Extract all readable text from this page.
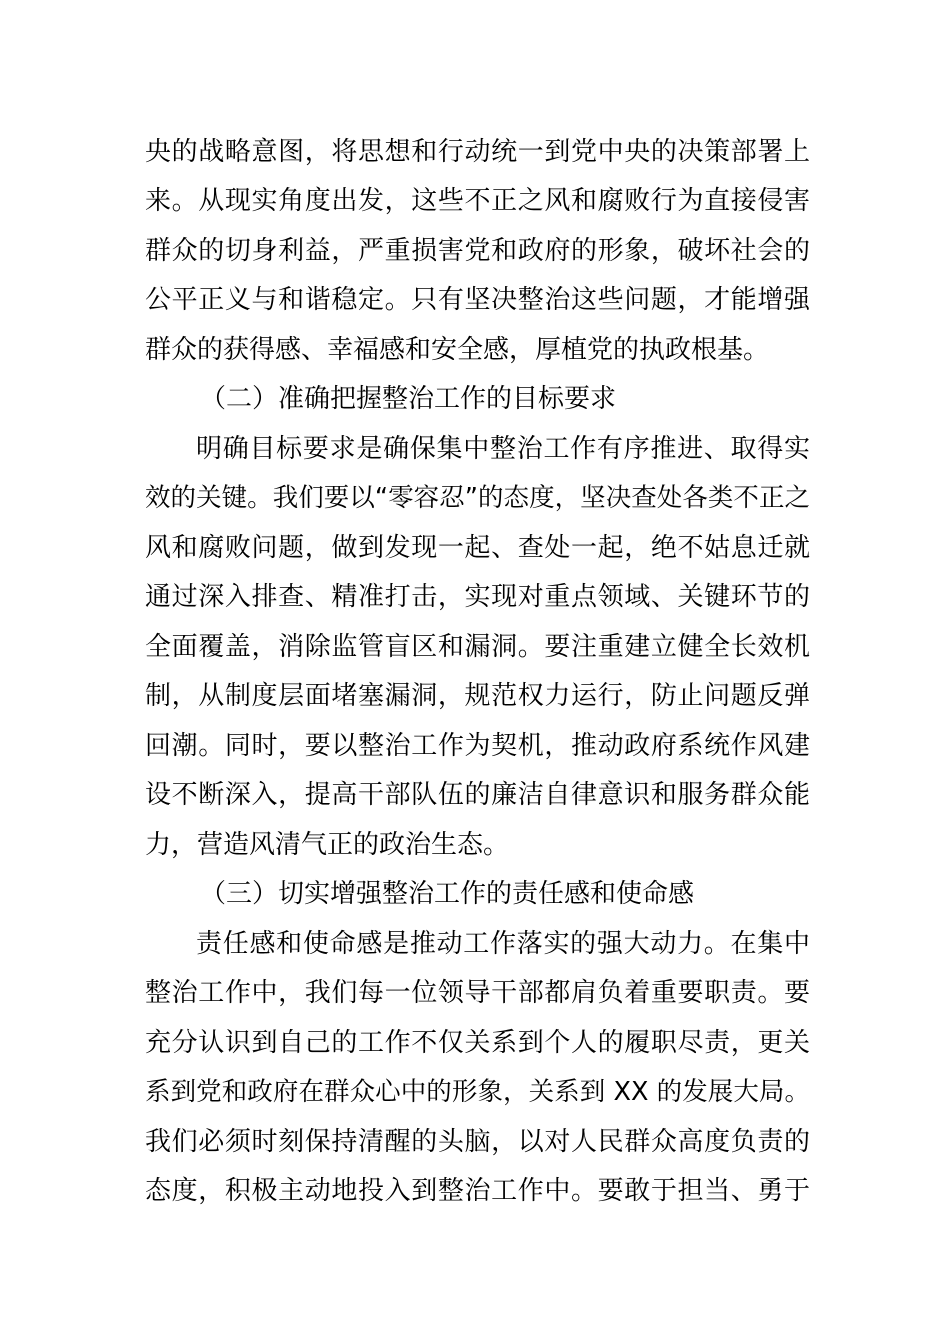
央的战略意图，将思想和行动统一到党中央的决策部署上
来。从现实角度出发，这些不正之风和腐败行为直接侵害
群众的切身利益，严重损害党和政府的形象，破坏社会的
公平正义与和谐稳定。只有坚决整治这些问题，才能增强
群众的获得感、幸福感和安全感，厚植党的执政根基。
（二）准确把握整治工作的目标要求
明确目标要求是确保集中整治工作有序推进、取得实
效的关键。我们要以“零容忍”的态度，坚决查处各类不正之
风和腐败问题，做到发现一起、查处一起，绝不姑息迁就
通过深入排查、精准打击，实现对重点领域、关键环节的
全面覆盖，消除监管盲区和漏洞。要注重建立健全长效机
制，从制度层面堵塞漏洞，规范权力运行，防止问题反弹
回潮。同时，要以整治工作为契机，推动政府系统作风建
设不断深入，提高干部队伍的廉洁自律意识和服务群众能
力，营造风清气正的政治生态。
（三）切实增强整治工作的责任感和使命感
责任感和使命感是推动工作落实的强大动力。在集中
整治工作中，我们每一位领导干部都肩负着重要职责。要
充分认识到自己的工作不仅关系到个人的履职尽责，更关
系到党和政府在群众心中的形象，关系到 XX 的发展大局。
我们必须时刻保持清醒的头脑，以对人民群众高度负责的
态度，积极主动地投入到整治工作中。要敢于担当、勇于
